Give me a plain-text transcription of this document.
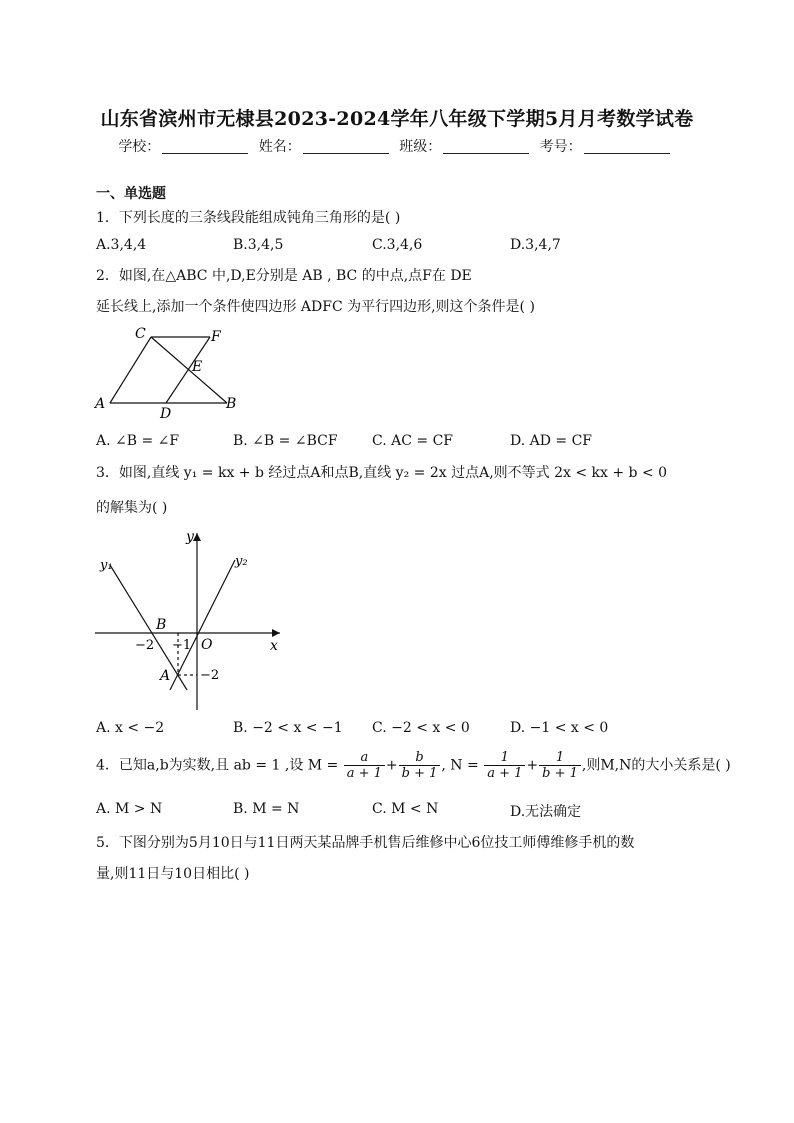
山东省滨州市无棣县2023-2024学年八年级下学期5月月考数学试卷
学校：	姓名：	班级：	考号：
一、单选题
1．下列长度的三条线段能组成钝角三角形的是( )
A.3,4,4	B.3,4,5	C.3,4,6	D.3,4,7
2．如图,在△ABC 中,D,E分别是 AB , BC 的中点,点F在 DE
延长线上,添加一个条件使四边形 ADFC 为平行四边形,则这个条件是( )
A	B
C
D
E
F
A. ∠B = ∠F	B. ∠B = ∠BCF C. AC = CF	D. AD = CF
3．如图,直线 y₁ = kx + b 经过点A和点B,直线 y₂ = 2x 过点A,则不等式 2x < kx + b < 0
的解集为( )
y
x
O
B
A
y₁	y₂
−2 −1
−2
A. x < −2	B. −2 < x < −1 C. −2 < x < 0	D. −1 < x < 0
4．已知a,b为实数,且 ab = 1 ,设 $M = \frac{a}{a + 1} + \frac{b}{b + 1}$ , $N = \frac{1}{a + 1} + \frac{1}{b + 1}$ ,则M,N的大小关系是( )
A. M > N	B. M = N	C. M < N	D.无法确定
5．下图分别为5月10日与11日两天某品牌手机售后维修中心6位技工师傅维修手机的数
量,则11日与10日相比( )
